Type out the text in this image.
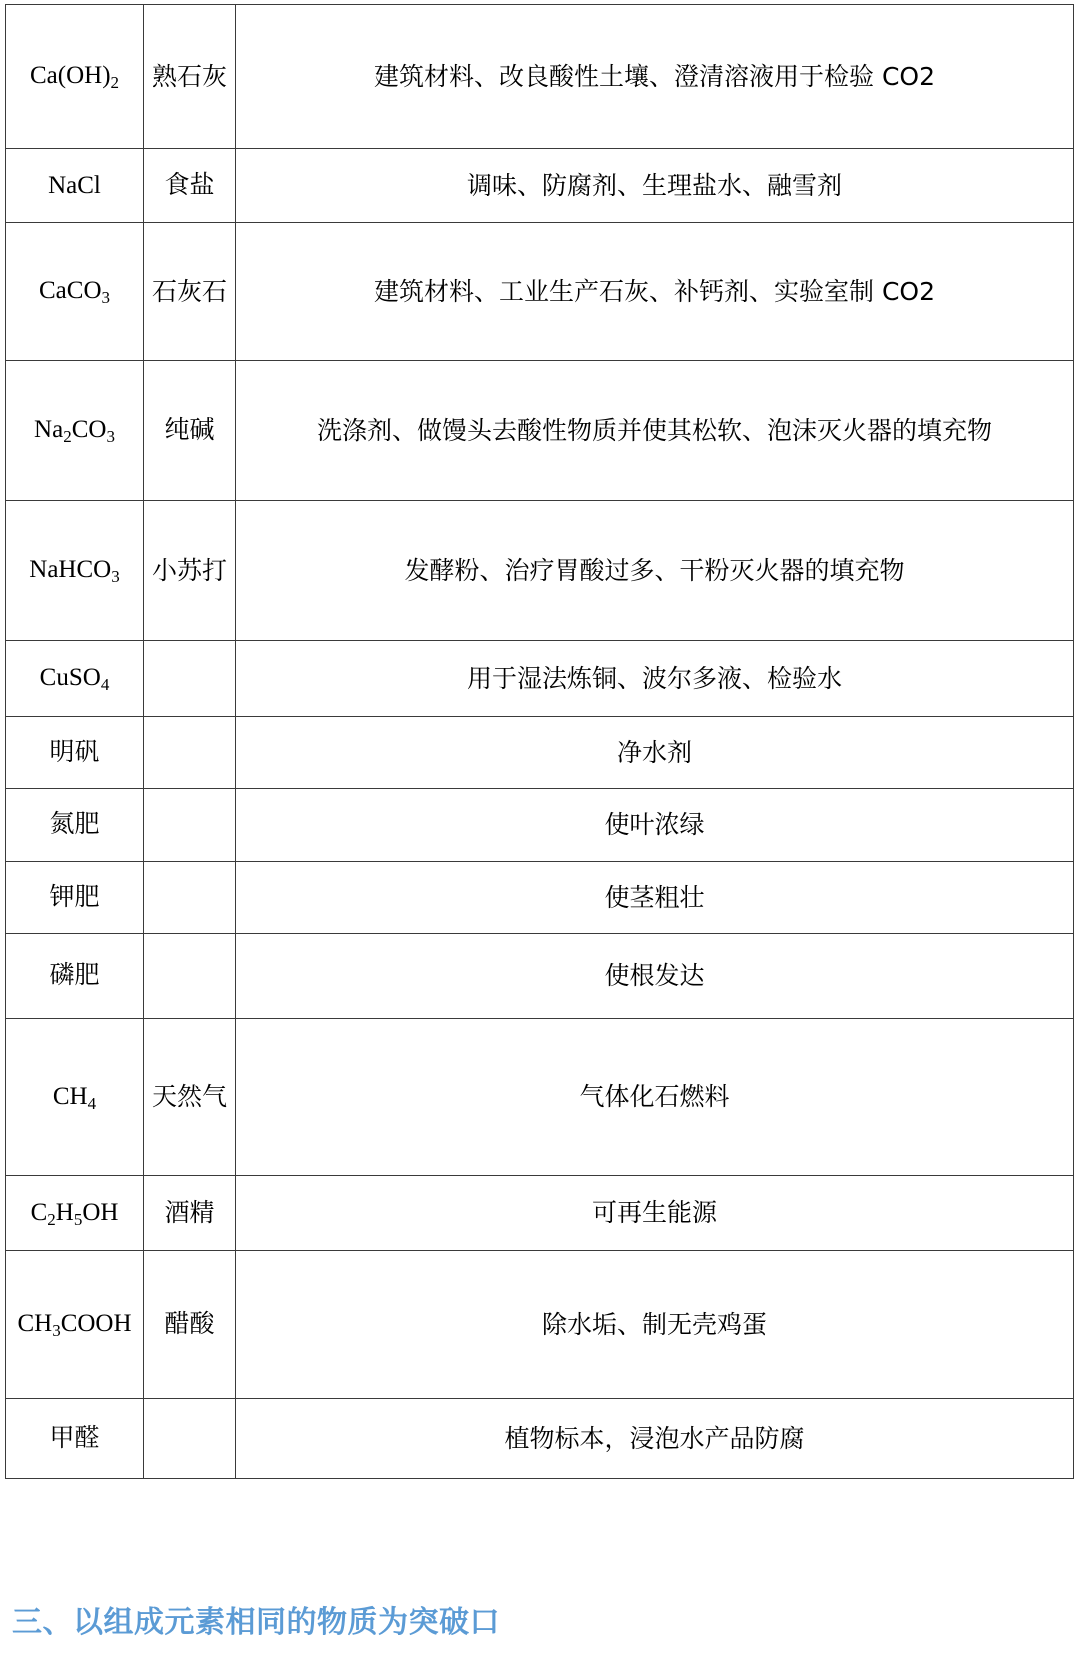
$Ca(OH)_2$	熟石灰	建筑材料、改良酸性土壤、澄清溶液用于检验 CO2
NaCl	食盐	调味、防腐剂、生理盐水、融雪剂
CaCO$_3$	石灰石	建筑材料、工业生产石灰、补钙剂、实验室制 CO2
$Na_2CO_3$	纯碱	洗涤剂、做馒头去酸性物质并使其松软、泡沫灭火器的填充物
NaHCO$_3$	小苏打	发酵粉、治疗胃酸过多、干粉灭火器的填充物
CuSO$_4$		用于湿法炼铜、波尔多液、检验水
明矾		净水剂
氮肥		使叶浓绿
钾肥		使茎粗壮
磷肥		使根发达
$CH_4$	天然气	气体化石燃料
$C_2H_5OH$	酒精	可再生能源
$CH_3COOH$	醋酸	除水垢、制无壳鸡蛋
甲醛		植物标本，浸泡水产品防腐
三、以组成元素相同的物质为突破口
